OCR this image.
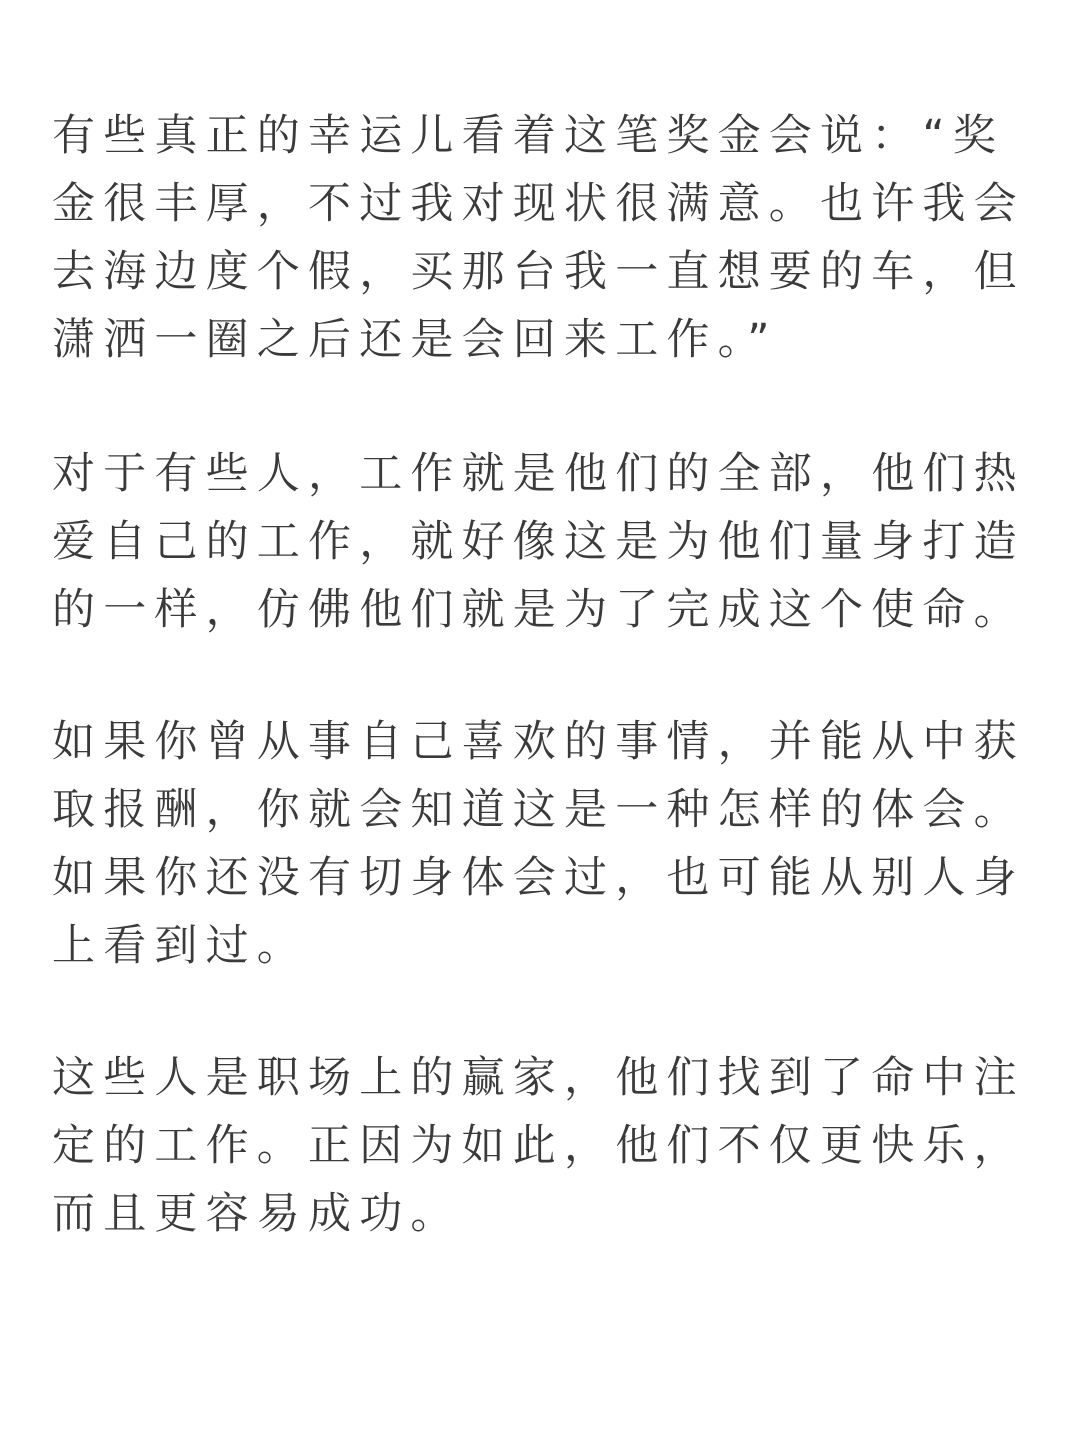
有些真正的幸运儿看着这笔奖金会说：“奖
金很丰厚，不过我对现状很满意。也许我会
去海边度个假，买那台我一直想要的车，但
潇洒一圈之后还是会回来工作。”

对于有些人，工作就是他们的全部，他们热
爱自己的工作，就好像这是为他们量身打造
的一样，仿佛他们就是为了完成这个使命。

如果你曾从事自己喜欢的事情，并能从中获
取报酬，你就会知道这是一种怎样的体会。
如果你还没有切身体会过，也可能从别人身
上看到过。

这些人是职场上的赢家，他们找到了命中注
定的工作。正因为如此，他们不仅更快乐，
而且更容易成功。
